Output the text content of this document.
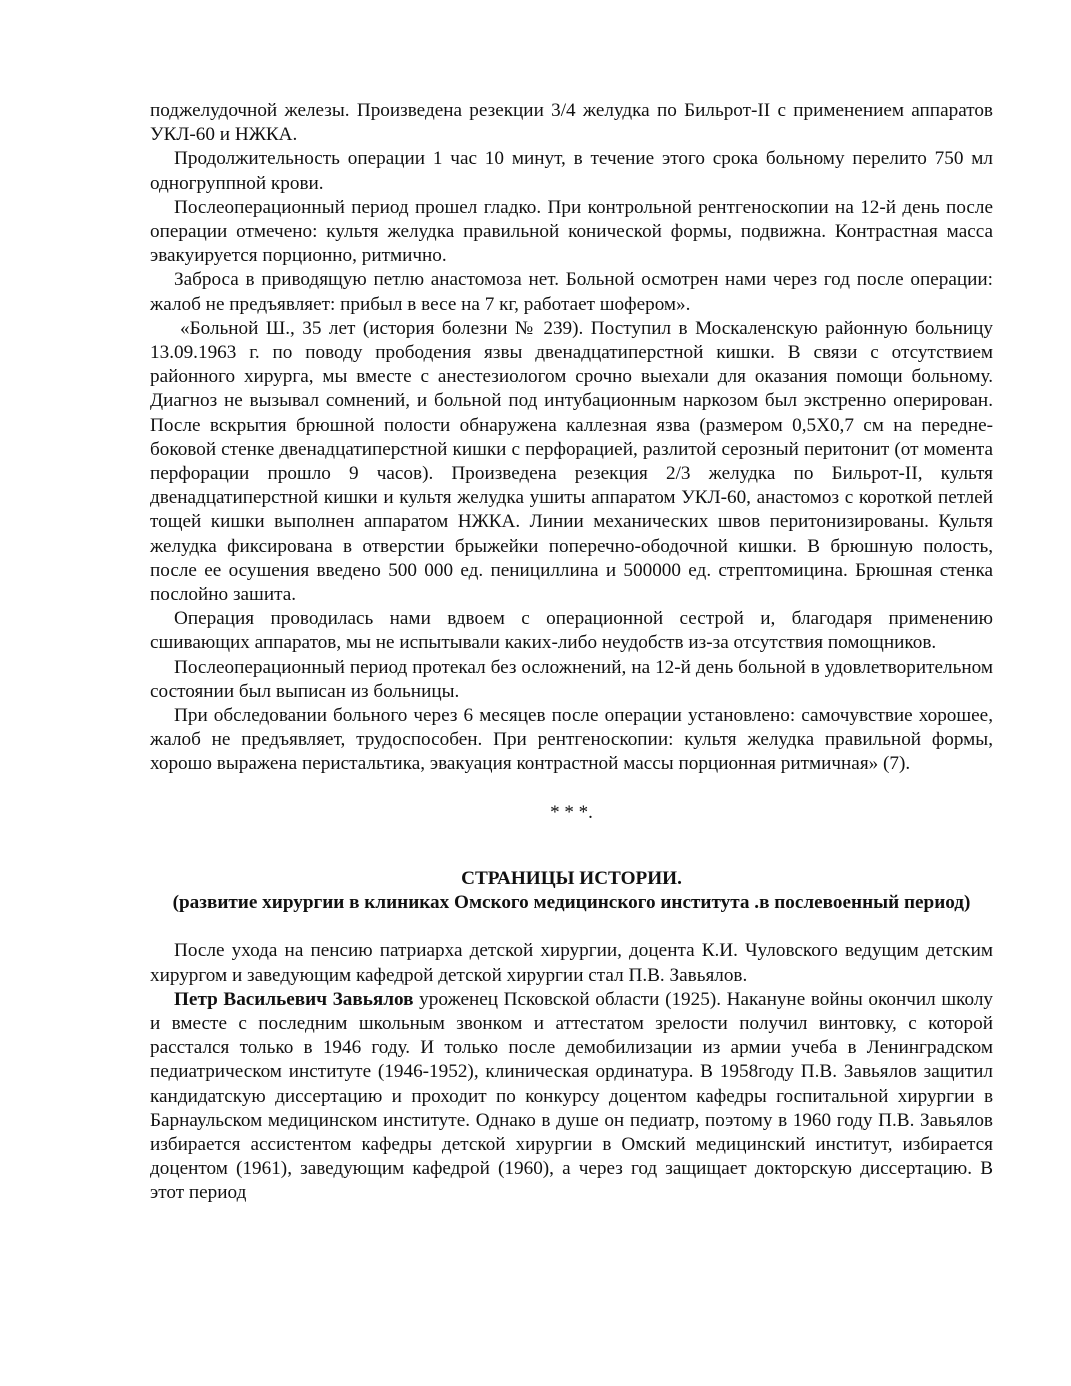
поджелудочной железы. Произведена резекции 3/4 желудка по Бильрот-II с применением аппаратов УКЛ-60 и НЖКА.

Продолжительность операции 1 час 10 минут, в течение этого срока больному перелито 750 мл одногруппной крови.

Послеоперационный период прошел гладко. При контрольной рентгеноскопии на 12-й день после операции отмечено: культя желудка правильной конической формы, подвижна. Контрастная масса эвакуируется порционно, ритмично.

Заброса в приводящую петлю анастомоза нет. Больной осмотрен нами через год после операции: жалоб не предъявляет: прибыл в весе на 7 кг, работает шофером».

«Больной Ш., 35 лет (история болезни № 239). Поступил в Москаленскую районную больницу 13.09.1963 г. по поводу прободения язвы двенадцатиперстной кишки. В связи с отсутствием районного хирурга, мы вместе с анестезиологом срочно выехали для оказания помощи больному. Диагноз не вызывал сомнений, и больной под интубационным наркозом был экстренно оперирован. После вскрытия брюшной полости обнаружена каллезная язва (размером 0,5Х0,7 см на передне-боковой стенке двенадцатиперстной кишки с перфорацией, разлитой серозный перитонит (от момента перфорации прошло 9 часов). Произведена резекция 2/3 желудка по Бильрот-II, культя двенадцатиперстной кишки и культя желудка ушиты аппаратом УКЛ-60, анастомоз с короткой петлей тощей кишки выполнен аппаратом НЖКА. Линии механических швов перитонизированы. Культя желудка фиксирована в отверстии брыжейки поперечно-ободочной кишки. В брюшную полость, после ее осушения введено 500 000 ед. пенициллина и 500000 ед. стрептомицина. Брюшная стенка послойно зашита.

Операция проводилась нами вдвоем с операционной сестрой и, благодаря применению сшивающих аппаратов, мы не испытывали каких-либо неудобств из-за отсутствия помощников.

Послеоперационный период протекал без осложнений, на 12-й день больной в удовлетворительном состоянии был выписан из больницы.

При обследовании больного через 6 месяцев после операции установлено: самочувствие хорошее, жалоб не предъявляет, трудоспособен. При рентгеноскопии: культя желудка правильной формы, хорошо выражена перистальтика, эвакуация контрастной массы порционная ритмичная» (7).

* * *.

СТРАНИЦЫ ИСТОРИИ.

(развитие хирургии в клиниках Омского медицинского института .в послевоенный период)

После ухода на пенсию патриарха детской хирургии, доцента К.И. Чуловского ведущим детским хирургом и заведующим кафедрой детской хирургии стал П.В. Завьялов.

Петр Васильевич Завьялов уроженец Псковской области (1925). Накануне войны окончил школу и вместе с последним школьным звонком и аттестатом зрелости получил винтовку, с которой расстался только в 1946 году. И только после демобилизации из армии учеба в Ленинградском педиатрическом институте (1946-1952), клиническая ординатура. В 1958году П.В. Завьялов защитил кандидатскую диссертацию и проходит по конкурсу доцентом кафедры госпитальной хирургии в Барнаульском медицинском институте. Однако в душе он педиатр, поэтому в 1960 году П.В. Завьялов избирается ассистентом кафедры детской хирургии в Омский медицинский институт, избирается доцентом (1961), заведующим кафедрой (1960), а через год защищает докторскую диссертацию. В этот период
